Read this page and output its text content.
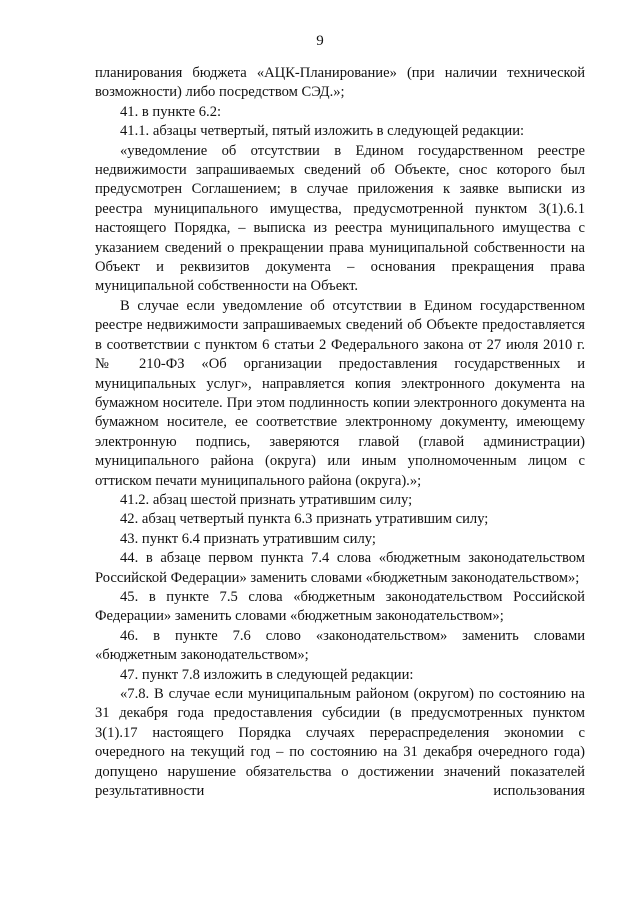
9

планирования бюджета «АЦК-Планирование» (при наличии технической возможности) либо посредством СЭД.»;

41. в пункте 6.2:

41.1. абзацы четвертый, пятый изложить в следующей редакции:

«уведомление об отсутствии в Едином государственном реестре недвижимости запрашиваемых сведений об Объекте, снос которого был предусмотрен Соглашением; в случае приложения к заявке выписки из реестра муниципального имущества, предусмотренной пунктом 3(1).6.1 настоящего Порядка, – выписка из реестра муниципального имущества с указанием сведений о прекращении права муниципальной собственности на Объект и реквизитов документа – основания прекращения права муниципальной собственности на Объект.

В случае если уведомление об отсутствии в Едином государственном реестре недвижимости запрашиваемых сведений об Объекте предоставляется в соответствии с пунктом 6 статьи 2 Федерального закона от 27 июля 2010 г. № 210-ФЗ «Об организации предоставления государственных и муниципальных услуг», направляется копия электронного документа на бумажном носителе. При этом подлинность копии электронного документа на бумажном носителе, ее соответствие электронному документу, имеющему электронную подпись, заверяются главой (главой администрации) муниципального района (округа) или иным уполномоченным лицом с оттиском печати муниципального района (округа).»;

41.2. абзац шестой признать утратившим силу;

42. абзац четвертый пункта 6.3 признать утратившим силу;

43. пункт 6.4 признать утратившим силу;

44. в абзаце первом пункта 7.4 слова «бюджетным законодательством Российской Федерации» заменить словами «бюджетным законодательством»;

45. в пункте 7.5 слова «бюджетным законодательством Российской Федерации» заменить словами «бюджетным законодательством»;

46. в пункте 7.6 слово «законодательством» заменить словами «бюджетным законодательством»;

47. пункт 7.8 изложить в следующей редакции:

«7.8. В случае если муниципальным районом (округом) по состоянию на 31 декабря года предоставления субсидии (в предусмотренных пунктом 3(1).17 настоящего Порядка случаях перераспределения экономии с очередного на текущий год – по состоянию на 31 декабря очередного года) допущено нарушение обязательства о достижении значений показателей результативности использования
